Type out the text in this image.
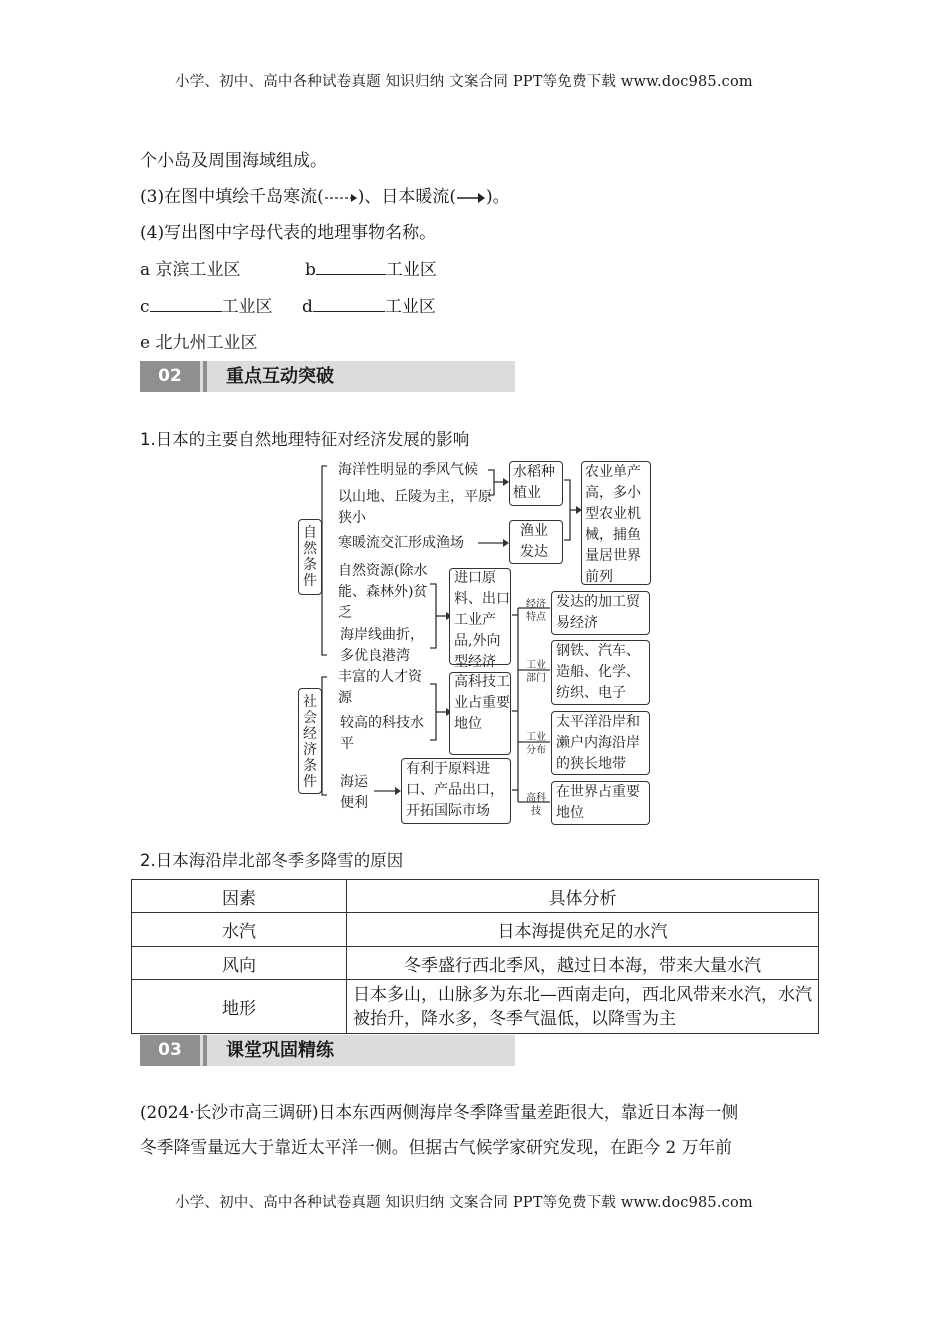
小学、初中、高中各种试卷真题 知识归纳 文案合同 PPT等免费下载 www.doc985.com
个小岛及周围海域组成。
(3)在图中填绘千岛寒流( )、日本暖流( )。
(4)写出图中字母代表的地理事物名称。
a 京滨工业区	b	工业区
c	工业区 d	工业区
e 北九州工业区
02	重点互动突破
1.日本的主要自然地理特征对经济发展的影响
自然条件
社会经济条件
海洋性明显的季风气候
以山地、丘陵为主，平原狭小
寒暖流交汇形成渔场
自然资源(除水能、森林外)贫乏
海岸线曲折，多优良港湾
丰富的人才资源
较高的科技水平
海运便利
水稻种植业
渔业发达
农业单产高，多小型农业机械，捕鱼量居世界前列
进口原料、出口工业产品,外向型经济
高科技工业占重要地位
有利于原料进口、产品出口，开拓国际市场
经济特点
工业部门
工业分布
高科技
发达的加工贸易经济
钢铁、汽车、造船、化学、纺织、电子
太平洋沿岸和濑户内海沿岸的狭长地带
在世界占重要地位
2.日本海沿岸北部冬季多降雪的原因
因素	具体分析
水汽	日本海提供充足的水汽
风向	冬季盛行西北季风，越过日本海，带来大量水汽
地形	日本多山，山脉多为东北—西南走向，西北风带来水汽，水汽被抬升，降水多，冬季气温低，以降雪为主
03	课堂巩固精练
(2024·长沙市高三调研)日本东西两侧海岸冬季降雪量差距很大，靠近日本海一侧
冬季降雪量远大于靠近太平洋一侧。但据古气候学家研究发现，在距今 2 万年前
小学、初中、高中各种试卷真题 知识归纳 文案合同 PPT等免费下载 www.doc985.com
